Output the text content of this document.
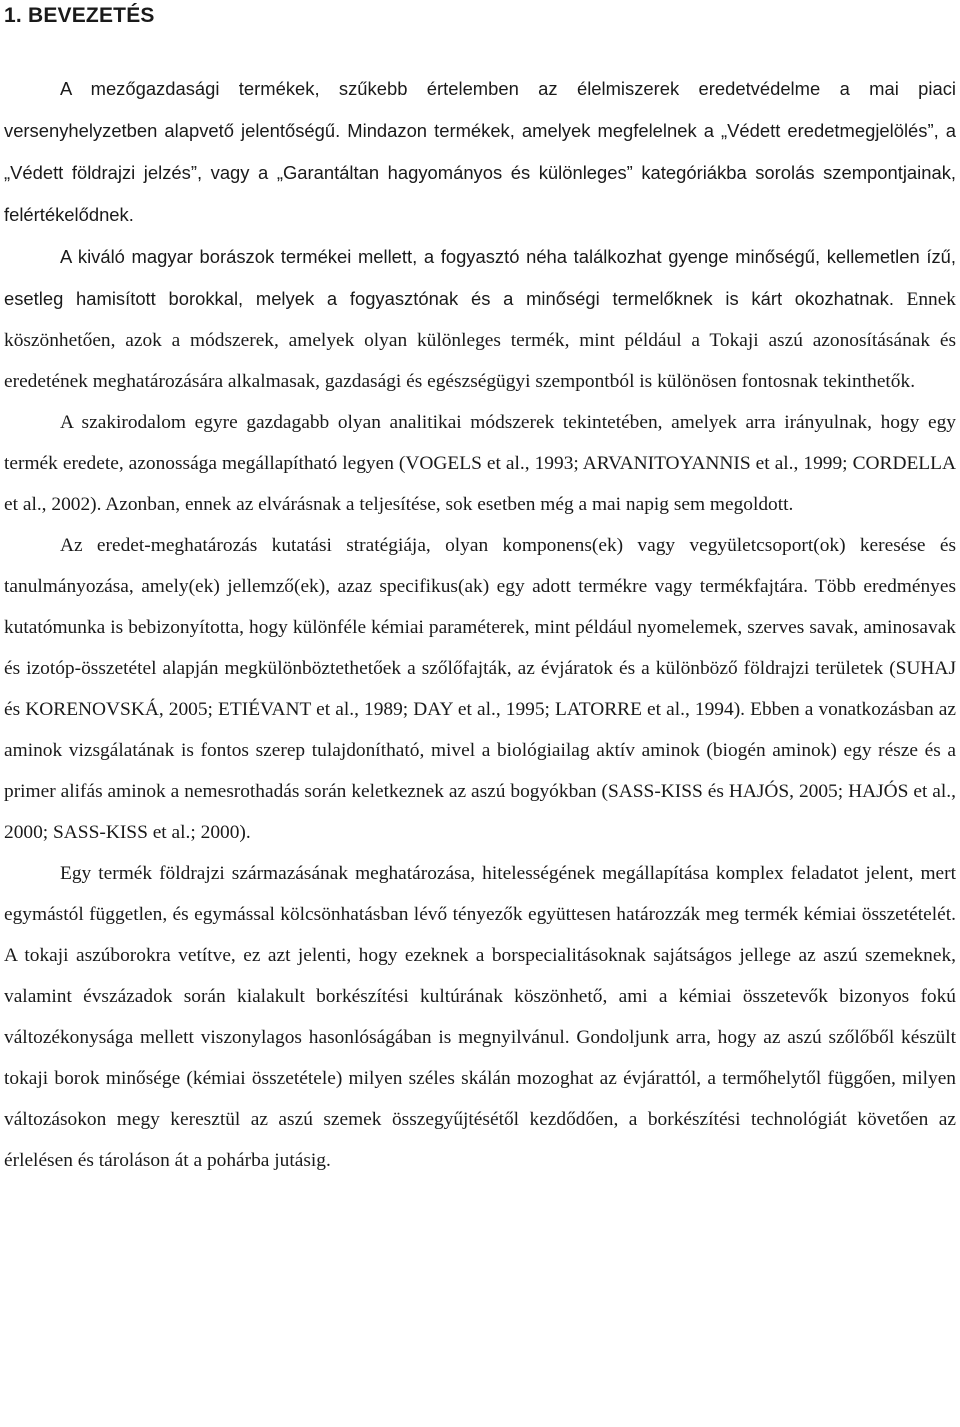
1. BEVEZETÉS

A mezőgazdasági termékek, szűkebb értelemben az élelmiszerek eredetvédelme a mai piaci versenyhelyzetben alapvető jelentőségű. Mindazon termékek, amelyek megfelelnek a „Védett eredetmegjelölés”, a „Védett földrajzi jelzés”, vagy a „Garantáltan hagyományos és különleges” kategóriákba sorolás szempontjainak, felértékelődnek.

A kiváló magyar borászok termékei mellett, a fogyasztó néha találkozhat gyenge minőségű, kellemetlen ízű, esetleg hamisított borokkal, melyek a fogyasztónak és a minőségi termelőknek is kárt okozhatnak. Ennek köszönhetően, azok a módszerek, amelyek olyan különleges termék, mint például a Tokaji aszú azonosításának és eredetének meghatározására alkalmasak, gazdasági és egészségügyi szempontból is különösen fontosnak tekinthetők.

A szakirodalom egyre gazdagabb olyan analitikai módszerek tekintetében, amelyek arra irányulnak, hogy egy termék eredete, azonossága megállapítható legyen (VOGELS et al., 1993; ARVANITOYANNIS et al., 1999; CORDELLA et al., 2002). Azonban, ennek az elvárásnak a teljesítése, sok esetben még a mai napig sem megoldott.

Az eredet-meghatározás kutatási stratégiája, olyan komponens(ek) vagy vegyületcsoport(ok) keresése és tanulmányozása, amely(ek) jellemző(ek), azaz specifikus(ak) egy adott termékre vagy termékfajtára. Több eredményes kutatómunka is bebizonyította, hogy különféle kémiai paraméterek, mint például nyomelemek, szerves savak, aminosavak és izotóp-összetétel alapján megkülönböztethetőek a szőlőfajták, az évjáratok és a különböző földrajzi területek (SUHAJ és KORENOVSKÁ, 2005; ETIÉVANT et al., 1989; DAY et al., 1995; LATORRE et al., 1994). Ebben a vonatkozásban az aminok vizsgálatának is fontos szerep tulajdonítható, mivel a biológiailag aktív aminok (biogén aminok) egy része és a primer alifás aminok a nemesrothadás során keletkeznek az aszú bogyókban (SASS-KISS és HAJÓS, 2005; HAJÓS et al., 2000; SASS-KISS et al.; 2000).

Egy termék földrajzi származásának meghatározása, hitelességének megállapítása komplex feladatot jelent, mert egymástól független, és egymással kölcsönhatásban lévő tényezők együttesen határozzák meg termék kémiai összetételét. A tokaji aszúborokra vetítve, ez azt jelenti, hogy ezeknek a borspecialitásoknak sajátságos jellege az aszú szemeknek, valamint évszázadok során kialakult borkészítési kultúrának köszönhető, ami a kémiai összetevők bizonyos fokú változékonysága mellett viszonylagos hasonlóságában is megnyilvánul. Gondoljunk arra, hogy az aszú szőlőből készült tokaji borok minősége (kémiai összetétele) milyen széles skálán mozoghat az évjárattól, a termőhelytől függően, milyen változásokon megy keresztül az aszú szemek összegyűjtésétől kezdődően, a borkészítési technológiát követően az érlelésen és tároláson át a pohárba jutásig.
